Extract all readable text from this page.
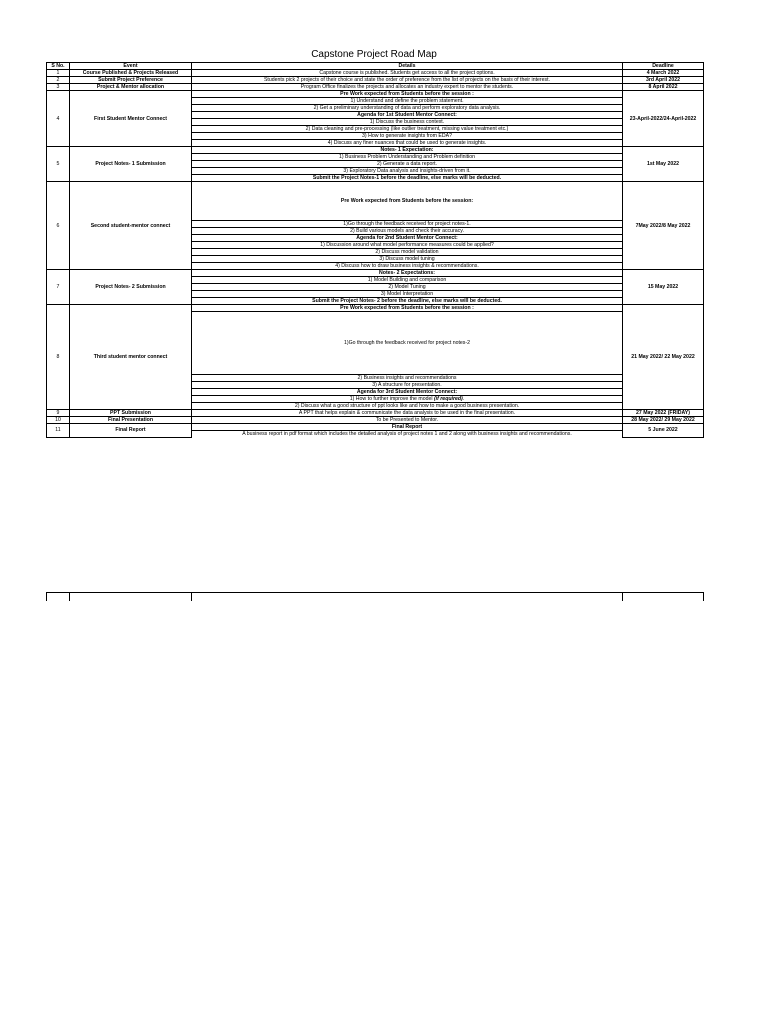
Capstone Project Road Map
S No.	Event	Details	Deadline
1	Course Published & Projects Released	Capstone course is published. Students get access to all the project options.	4 March 2022
2	Submit Project Preference	Students pick 2 projects of their choice and state the order of preference from the list of projects on the basis of their interest.	3rd April 2022
3	Project & Mentor allocation	Program Office finalizes the projects and allocates an industry expert to mentor the students.	8 April 2022
4	First Student Mentor Connect	Pre Work expected from Students before the session :	23-April-2022/24-April-2022
		1) Understand and define the problem statement.	
		2) Get a preliminary understanding of data and perform exploratory data analysis.	
		Agenda for 1st Student Mentor Connect:	
		1) Discuss the business context.	
		2) Data cleaning and pre-processing (like outlier treatment, missing value treatment etc.)	
		3) How to generate insights from EDA?	
		4) Discuss any finer nuances that could be used to generate insights.	
5	Project Notes- 1 Submission	Notes- 1 Expectation:	1st May 2022
		1) Business Problem Understanding and Problem definition	
		2) Generate a data report.	
		3) Exploratory Data analysis and insights-driven from it.	
		Submit the Project Notes-1 before the deadline, else marks will be deducted.	
6	Second student-mentor connect	Pre Work expected from Students before the session:	7May 2022/8 May 2022
		1)Go through the feedback received for project notes-1.	
		2) Build various models and check their accuracy.	
		Agenda for 2nd Student Mentor Connect:	
		1) Discussion around what model performance measures could be applied?	
		2) Discuss model validation	
		3) Discuss model tuning	
		4) Discuss how to draw business insights & recommendations.	
7	Project Notes- 2 Submission	Notes- 2 Expectations:	15 May 2022
		1) Model Building and comparison	
		2) Model Tuning	
		3) Model Interpretation	
		Submit the Project Notes- 2 before the deadline, else marks will be deducted.	
8	Third student mentor connect	Pre Work expected from Students before the session :	21 May 2022/ 22 May 2022
		1)Go through the feedback received for project notes-2	
		2) Business insights and recommendations	
		3) A structure for presentation.	
		Agenda for 3rd Student Mentor Connect:	
		1) How to further improve the model (if required).	
		2) Discuss what a good structure of ppt looks like and how to make a good business presentation.	
9	PPT Submission	A PPT that helps explain & communicate the data analysis to be used in the final presentation.	27 May 2022 (FRIDAY)
10	Final Presentation	To be Presented to Mentor.	28 May 2022/ 29 May 2022
11	Final Report	Final Report	5 June 2022
		A business report in pdf format which includes the detailed analysis of project notes 1 and 2 along with business insights and recommendations.	
